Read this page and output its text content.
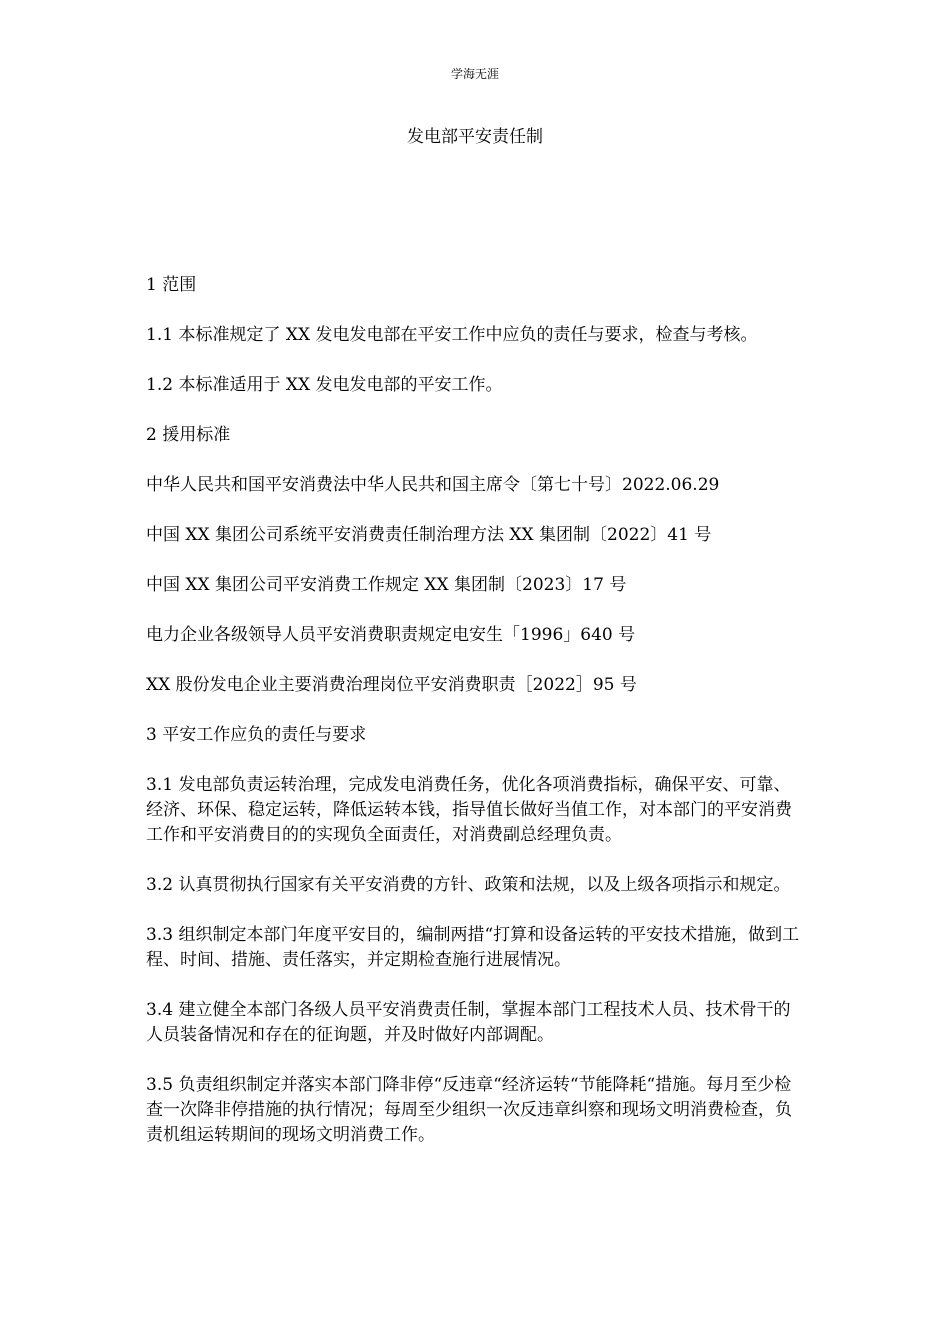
学海无涯
发电部平安责任制

1 范围

1.1 本标准规定了 XX 发电发电部在平安工作中应负的责任与要求，检查与考核。

1.2 本标准适用于 XX 发电发电部的平安工作。

2 援用标准

中华人民共和国平安消费法中华人民共和国主席令〔第七十号〕2022.06.29

中国 XX 集团公司系统平安消费责任制治理方法 XX 集团制〔2022〕41 号

中国 XX 集团公司平安消费工作规定 XX 集团制〔2023〕17 号

电力企业各级领导人员平安消费职责规定电安生「1996」640 号

XX 股份发电企业主要消费治理岗位平安消费职责［2022］95 号

3 平安工作应负的责任与要求

3.1 发电部负责运转治理，完成发电消费任务，优化各项消费指标，确保平安、可靠、经济、环保、稳定运转，降低运转本钱，指导值长做好当值工作，对本部门的平安消费工作和平安消费目的的实现负全面责任，对消费副总经理负责。

3.2 认真贯彻执行国家有关平安消费的方针、政策和法规，以及上级各项指示和规定。

3.3 组织制定本部门年度平安目的，编制两措“打算和设备运转的平安技术措施，做到工程、时间、措施、责任落实，并定期检查施行进展情况。

3.4 建立健全本部门各级人员平安消费责任制，掌握本部门工程技术人员、技术骨干的人员装备情况和存在的征询题，并及时做好内部调配。

3.5 负责组织制定并落实本部门降非停“反违章“经济运转“节能降耗“措施。每月至少检查一次降非停措施的执行情况；每周至少组织一次反违章纠察和现场文明消费检查，负责机组运转期间的现场文明消费工作。
